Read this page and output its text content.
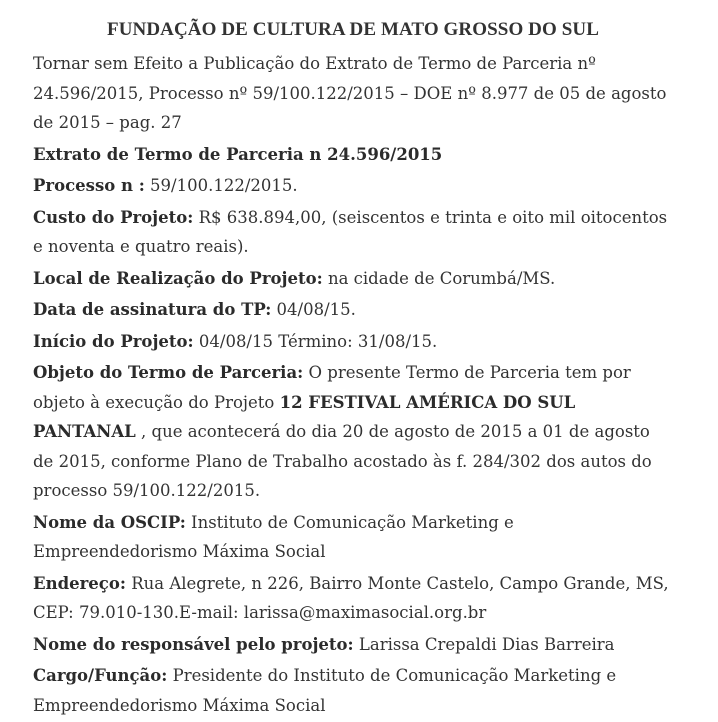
FUNDAÇÃO DE CULTURA DE MATO GROSSO DO SUL
Tornar sem Efeito a Publicação do Extrato de Termo de Parceria nº 24.596/2015, Processo nº 59/100.122/2015 – DOE nº 8.977 de 05 de agosto de 2015 – pag. 27
Extrato de Termo de Parceria n 24.596/2015
Processo n : 59/100.122/2015.
Custo do Projeto: R$ 638.894,00, (seiscentos e trinta e oito mil oitocentos e noventa e quatro reais).
Local de Realização do Projeto: na cidade de Corumbá/MS.
Data de assinatura do TP: 04/08/15.
Início do Projeto: 04/08/15 Término: 31/08/15.
Objeto do Termo de Parceria: O presente Termo de Parceria tem por objeto à execução do Projeto 12 FESTIVAL AMÉRICA DO SUL PANTANAL , que acontecerá do dia 20 de agosto de 2015 a 01 de agosto de 2015, conforme Plano de Trabalho acostado às f. 284/302 dos autos do processo 59/100.122/2015.
Nome da OSCIP: Instituto de Comunicação Marketing e Empreendedorismo Máxima Social
Endereço: Rua Alegrete, n 226, Bairro Monte Castelo, Campo Grande, MS, CEP: 79.010-130.E-mail: larissa@maximasocial.org.br
Nome do responsável pelo projeto: Larissa Crepaldi Dias Barreira
Cargo/Função: Presidente do Instituto de Comunicação Marketing e Empreendedorismo Máxima Social
